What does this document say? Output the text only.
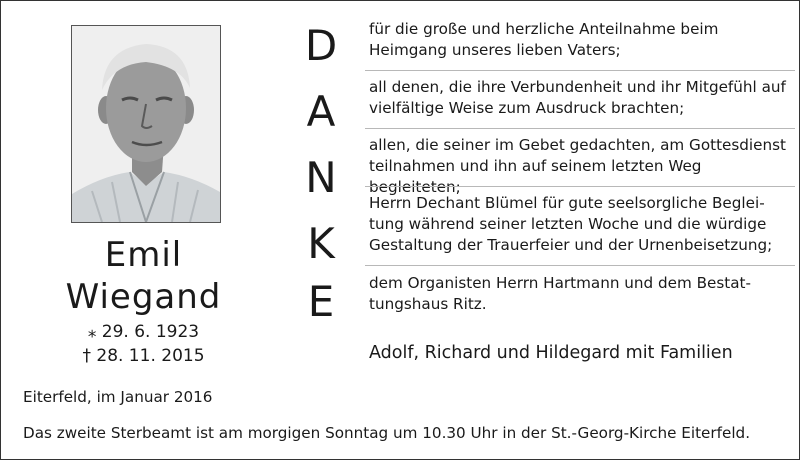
Emil
Wiegand
⁎ 29. 6. 1923
† 28. 11. 2015
D
A
N
K
E

für die große und herzliche Anteilnahme beim Heimgang unseres lieben Vaters;

all denen, die ihre Verbundenheit und ihr Mitgefühl auf vielfältige Weise zum Ausdruck brachten;

allen, die seiner im Gebet gedachten, am Gottesdienst teilnahmen und ihn auf seinem letzten Weg begleiteten;

Herrn Dechant Blümel für gute seelsorgliche Beglei-tung während seiner letzten Woche und die würdige Gestaltung der Trauerfeier und der Urnenbeisetzung;

dem Organisten Herrn Hartmann und dem Bestat-tungshaus Ritz.

Adolf, Richard und Hildegard mit Familien
Eiterfeld, im Januar 2016
Das zweite Sterbeamt ist am morgigen Sonntag um 10.30 Uhr in der St.-Georg-Kirche Eiterfeld.
